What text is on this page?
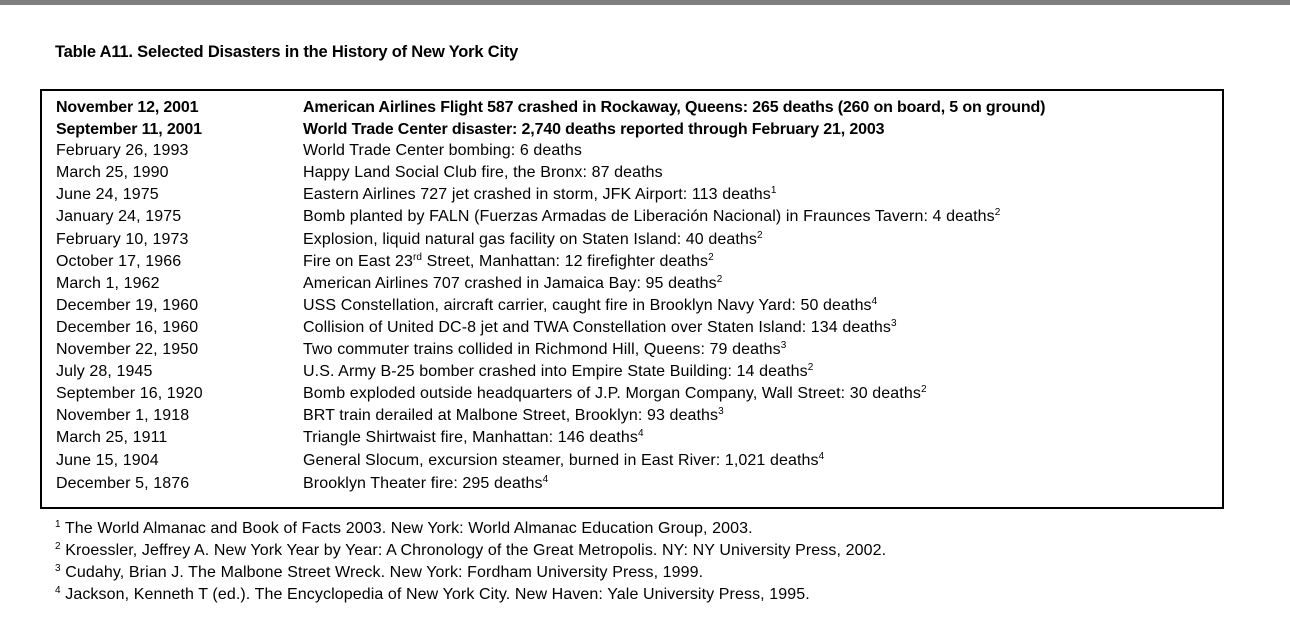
Table A11. Selected Disasters in the History of New York City
November 12, 2001	American Airlines Flight 587 crashed in Rockaway, Queens: 265 deaths (260 on board, 5 on ground)
September 11, 2001	World Trade Center disaster: 2,740 deaths reported through February 21, 2003
February 26, 1993	World Trade Center bombing: 6 deaths
March 25, 1990	Happy Land Social Club fire, the Bronx: 87 deaths
June 24, 1975	Eastern Airlines 727 jet crashed in storm, JFK Airport: 113 deaths$^1$
January 24, 1975	Bomb planted by FALN (Fuerzas Armadas de Liberación Nacional) in Fraunces Tavern: 4 deaths$^2$
February 10, 1973	Explosion, liquid natural gas facility on Staten Island: 40 deaths$^2$
October 17, 1966	Fire on East 23rd Street, Manhattan: 12 firefighter deaths$^2$
March 1, 1962	American Airlines 707 crashed in Jamaica Bay: 95 deaths$^2$
December 19, 1960	USS Constellation, aircraft carrier, caught fire in Brooklyn Navy Yard: 50 deaths$^4$
December 16, 1960	Collision of United DC-8 jet and TWA Constellation over Staten Island: 134 deaths$^3$
November 22, 1950	Two commuter trains collided in Richmond Hill, Queens: 79 deaths$^3$
July 28, 1945	U.S. Army B-25 bomber crashed into Empire State Building: 14 deaths$^2$
September 16, 1920	Bomb exploded outside headquarters of J.P. Morgan Company, Wall Street: 30 deaths$^2$
November 1, 1918	BRT train derailed at Malbone Street, Brooklyn: 93 deaths$^3$
March 25, 1911	Triangle Shirtwaist fire, Manhattan: 146 deaths$^4$
June 15, 1904	General Slocum, excursion steamer, burned in East River: 1,021 deaths$^4$
December 5, 1876	Brooklyn Theater fire: 295 deaths$^4$
$^1$ The World Almanac and Book of Facts 2003. New York: World Almanac Education Group, 2003.
$^2$ Kroessler, Jeffrey A. New York Year by Year: A Chronology of the Great Metropolis. NY: NY University Press, 2002.
$^3$ Cudahy, Brian J. The Malbone Street Wreck. New York: Fordham University Press, 1999.
$^4$ Jackson, Kenneth T (ed.). The Encyclopedia of New York City. New Haven: Yale University Press, 1995.
